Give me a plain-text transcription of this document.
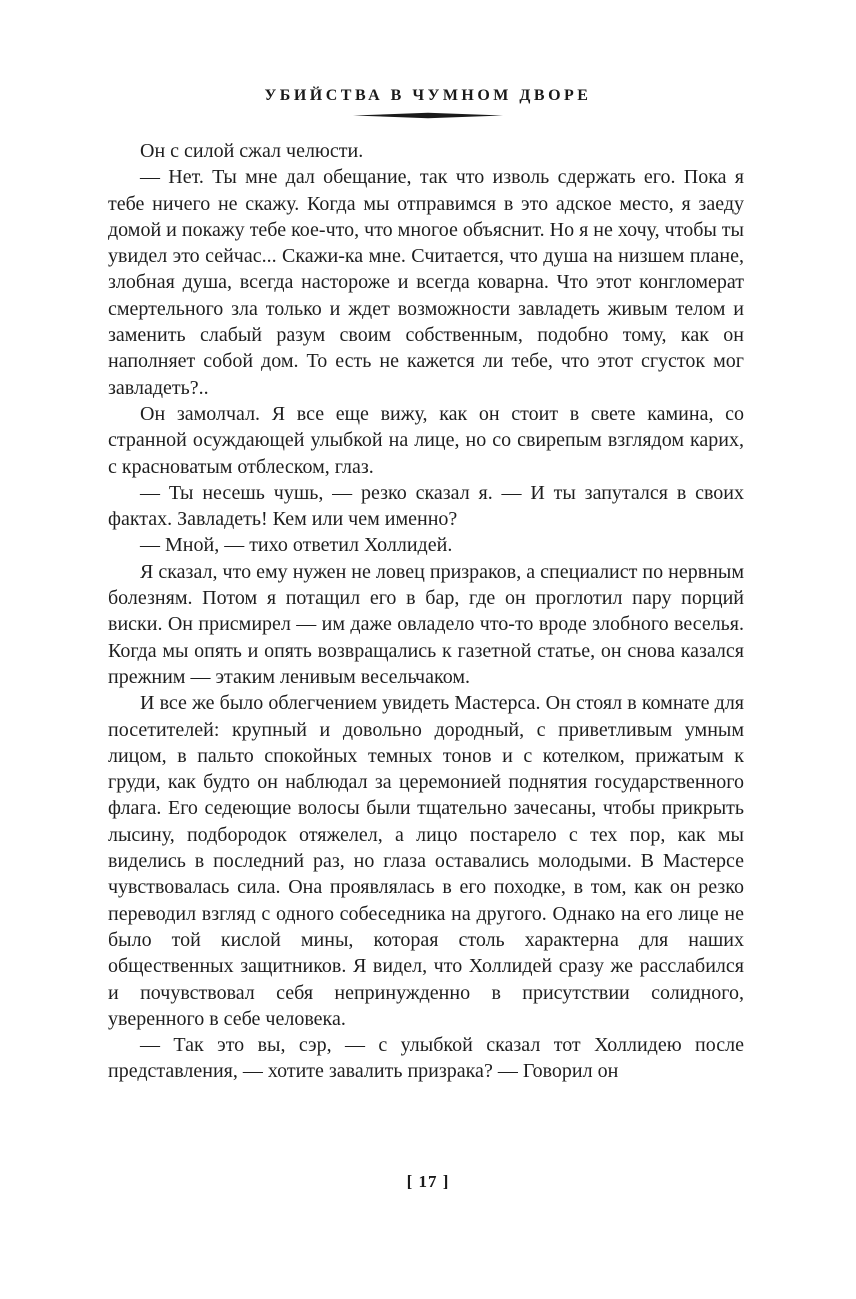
УБИЙСТВА В ЧУМНОМ ДВОРЕ

Он с силой сжал челюсти.

— Нет. Ты мне дал обещание, так что изволь сдержать его. Пока я тебе ничего не скажу. Когда мы отправимся в это адское место, я заеду домой и покажу тебе кое-что, что многое объяснит. Но я не хочу, чтобы ты увидел это сейчас... Скажи-ка мне. Считается, что душа на низшем плане, злобная душа, всегда настороже и всегда коварна. Что этот конгломерат смертельного зла только и ждет возможности завладеть живым телом и заменить слабый разум своим собственным, подобно тому, как он наполняет собой дом. То есть не кажется ли тебе, что этот сгусток мог завладеть?..

Он замолчал. Я все еще вижу, как он стоит в свете камина, со странной осуждающей улыбкой на лице, но со свирепым взглядом карих, с красноватым отблеском, глаз.

— Ты несешь чушь, — резко сказал я. — И ты запутался в своих фактах. Завладеть! Кем или чем именно?

— Мной, — тихо ответил Холлидей.

Я сказал, что ему нужен не ловец призраков, а специалист по нервным болезням. Потом я потащил его в бар, где он проглотил пару порций виски. Он присмирел — им даже овладело что-то вроде злобного веселья. Когда мы опять и опять возвращались к газетной статье, он снова казался прежним — этаким ленивым весельчаком.

И все же было облегчением увидеть Мастерса. Он стоял в комнате для посетителей: крупный и довольно дородный, с приветливым умным лицом, в пальто спокойных темных тонов и с котелком, прижатым к груди, как будто он наблюдал за церемонией поднятия государственного флага. Его седеющие волосы были тщательно зачесаны, чтобы прикрыть лысину, подбородок отяжелел, а лицо постарело с тех пор, как мы виделись в последний раз, но глаза оставались молодыми. В Мастерсе чувствовалась сила. Она проявлялась в его походке, в том, как он резко переводил взгляд с одного собеседника на другого. Однако на его лице не было той кислой мины, которая столь характерна для наших общественных защитников. Я видел, что Холлидей сразу же расслабился и почувствовал себя непринужденно в присутствии солидного, уверенного в себе человека.

— Так это вы, сэр, — с улыбкой сказал тот Холлидею после представления, — хотите завалить призрака? — Говорил он

[ 17 ]
